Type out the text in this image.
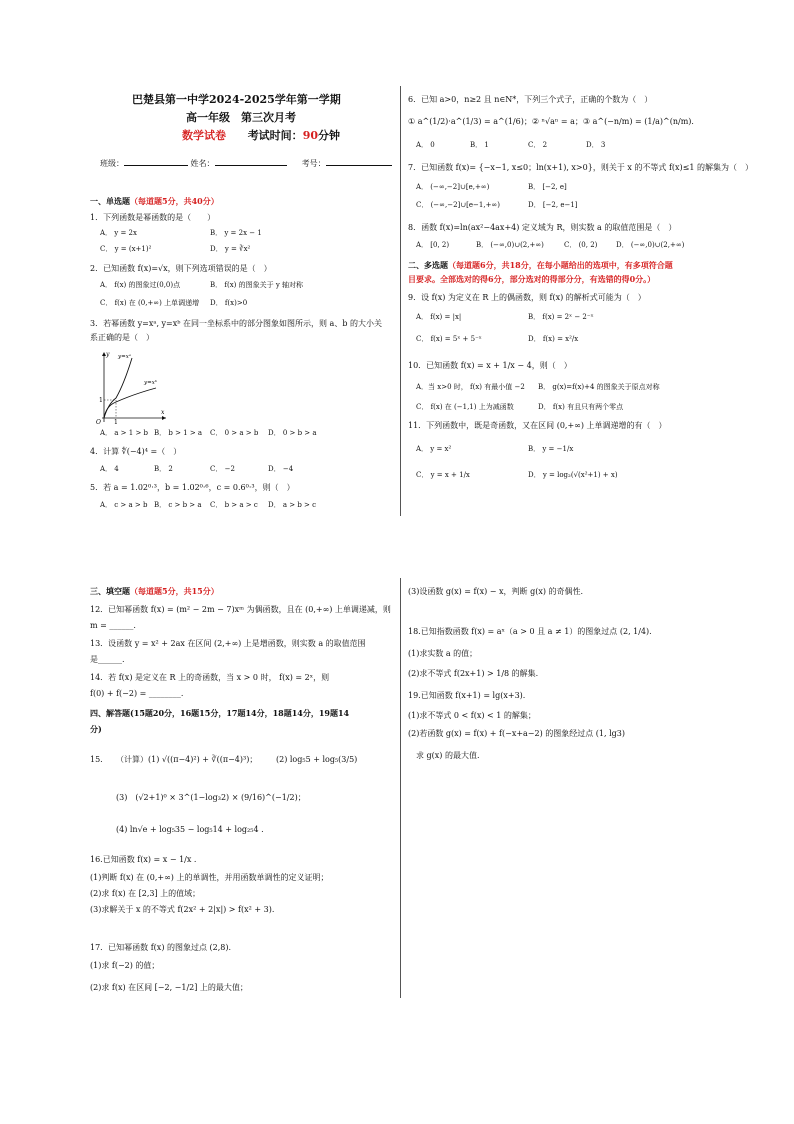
巴楚县第一中学2024-2025学年第一学期
高一年级　第三次月考
数学试卷 考试时间：90分钟
班级：	姓名：	考号：
一、单选题（每道题5分，共40分）
1．下列函数是幂函数的是（　　）
A． y = 2x	B． y = 2x − 1
C． y = (x+1)²	D． y = ∛x²
2．已知函数 f(x)=√x，则下列选项错误的是（　）
A． f(x) 的图象过(0,0)点	B． f(x) 的图象关于 y 轴对称
C． f(x) 在 (0,+∞) 上单调递增 D． f(x)>0
3．若幂函数 y=xᵃ, y=xᵇ 在同一坐标系中的部分图象如图所示，则 a、b 的大小关
系正确的是（　）
y=xᵃ
y=xᵇ
y
x
O 1
1
A． a > 1 > b B． b > 1 > a C． 0 > a > b D． 0 > b > a
4．计算 ∜(−4)⁴ =（　）
A． 4	B． 2	C． −2	D． −4
5．若 a = 1.02⁰·³，b = 1.02⁰·⁶，c = 0.6⁰·³，则（　）
A． c > a > b B． c > b > a C． b > a > c D． a > b > c
6．已知 a>0，n≥2 且 n∈N*，下列三个式子，正确的个数为（　）
① a^(1/2)·a^(1/3) = a^(1/6)；② ⁿ√aⁿ = a；③ a^(−n/m) = (1/a)^(n/m)．
A． 0	B． 1	C． 2	D． 3
7．已知函数 f(x)= {−x−1, x≤0；ln(x+1), x>0}，则关于 x 的不等式 f(x)≤1 的解集为（　）
A． (−∞,−2]∪[e,+∞)	B． [−2, e]
C． (−∞,−2]∪[e−1,+∞)	D． [−2, e−1]
8．函数 f(x)=ln(ax²−4ax+4) 定义域为 R，则实数 a 的取值范围是（　）
A． [0, 2)	B． (−∞,0)∪(2,+∞)	C． (0, 2)	D． (−∞,0)∪(2,+∞)
二、多选题（每道题6分，共18分，在每小题给出的选项中，有多项符合题
目要求。全部选对的得6分，部分选对的得部分分，有选错的得0分。）
9．设 f(x) 为定义在 R 上的偶函数，则 f(x) 的解析式可能为（　）
A． f(x) = |x|	B． f(x) = 2ˣ − 2⁻ˣ
C． f(x) = 5ˣ + 5⁻ˣ	D． f(x) = x²/x
10．已知函数 f(x) = x + 1/x − 4，则（　）
A．当 x>0 时， f(x) 有最小值 −2 B． g(x)=f(x)+4 的图象关于原点对称
C． f(x) 在 (−1,1) 上为减函数	D． f(x) 有且只有两个零点
11．下列函数中，既是奇函数，又在区间 (0,+∞) 上单调递增的有（　）
A． y = x²	B． y = −1/x
C． y = x + 1/x	D． y = log₂(√(x²+1) + x)
三、填空题（每道题5分，共15分）
12．已知幂函数 f(x) = (m² − 2m − 7)xᵐ 为偶函数，且在 (0,+∞) 上单调递减，则
m = ______.
13．设函数 y = x² + 2ax 在区间 (2,+∞) 上是增函数，则实数 a 的取值范围
是______.
14．若 f(x) 是定义在 R 上的奇函数，当 x > 0 时， f(x) = 2ˣ，则
f(0) + f(−2) = ________.
四、解答题(15题20分，16题15分，17题14分，18题14分，19题14
分)
15. （计算）(1) √((π−4)²) + ∛((π−4)³)； (2) log₅5 + log₅(3/5)
(3)　(√2+1)⁰ × 3^(1−log₃2) × (9/16)^(−1/2)；
(4) ln√e + log₅35 − log₅14 + log₂₅4 .
16.已知函数 f(x) = x − 1/x .
(1)判断 f(x) 在 (0,+∞) 上的单调性，并用函数单调性的定义证明；
(2)求 f(x) 在 [2,3] 上的值域；
(3)求解关于 x 的不等式 f(2x² + 2|x|) > f(x² + 3).
17．已知幂函数 f(x) 的图象过点 (2,8).
(1)求 f(−2) 的值；
(2)求 f(x) 在区间 [−2, −1/2] 上的最大值；
(3)设函数 g(x) = f(x) − x，判断 g(x) 的奇偶性.
18.已知指数函数 f(x) = aˣ（a > 0 且 a ≠ 1）的图象过点 (2, 1/4).
(1)求实数 a 的值；
(2)求不等式 f(2x+1) > 1/8 的解集.
19.已知函数 f(x+1) = lg(x+3).
(1)求不等式 0 < f(x) < 1 的解集；
(2)若函数 g(x) = f(x) + f(−x+a−2) 的图象经过点 (1, lg3)
求 g(x) 的最大值.
